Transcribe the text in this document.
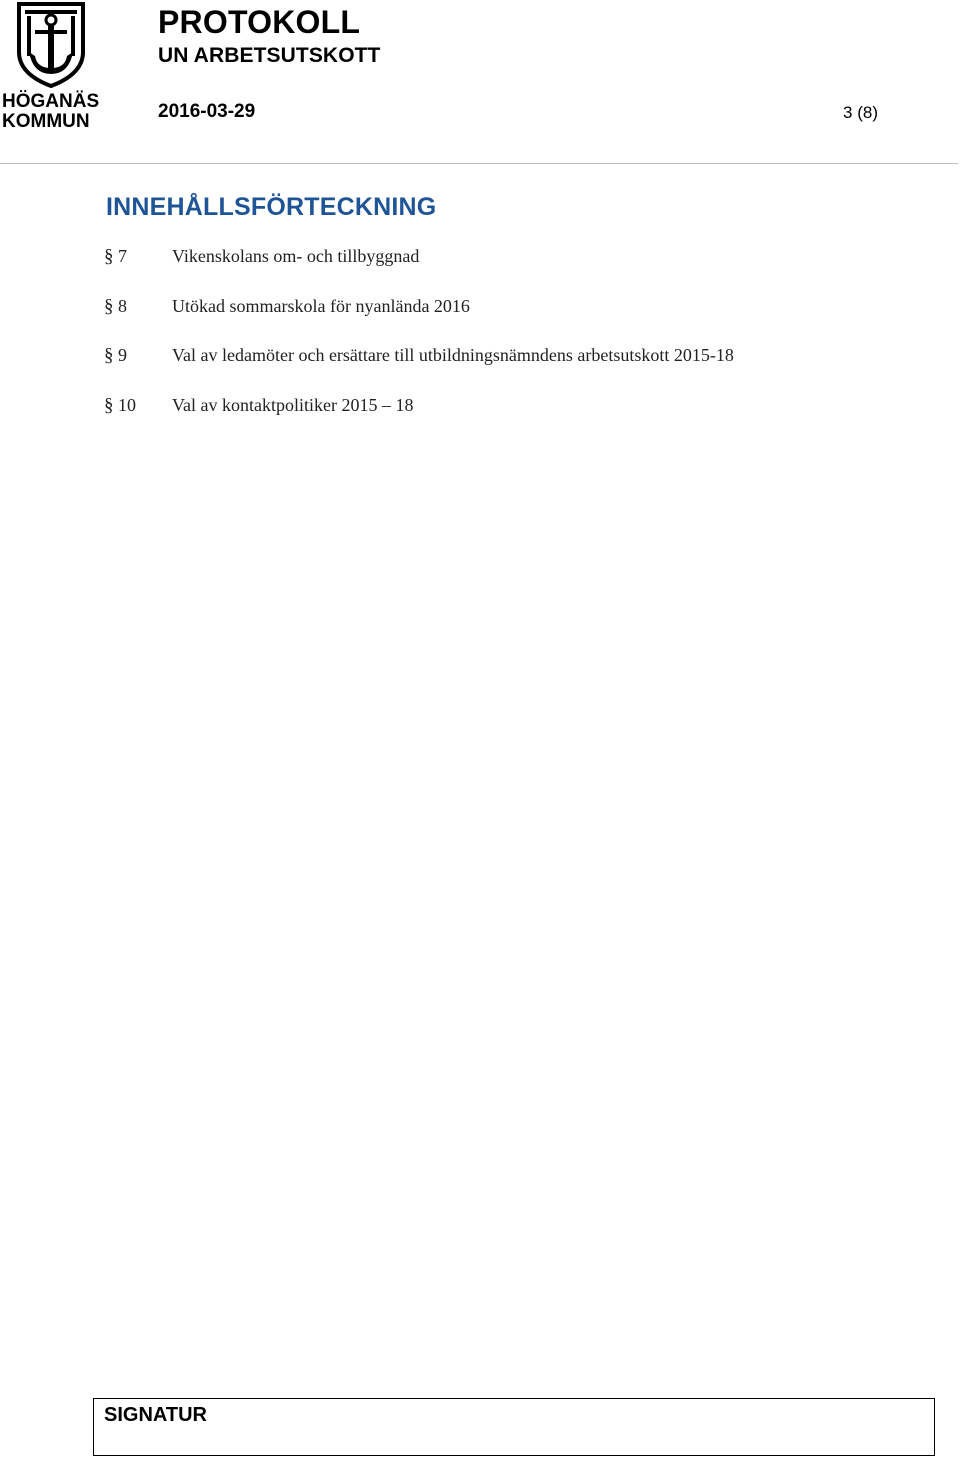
HÖGANÄS
KOMMUN
PROTOKOLL
UN ARBETSUTSKOTT
2016-03-29	3 (8)
INNEHÅLLSFÖRTECKNING
§ 7	Vikenskolans om- och tillbyggnad
§ 8	Utökad sommarskola för nyanlända 2016
§ 9	Val av ledamöter och ersättare till utbildningsnämndens arbetsutskott 2015-18
§ 10	Val av kontaktpolitiker 2015 – 18
SIGNATUR
